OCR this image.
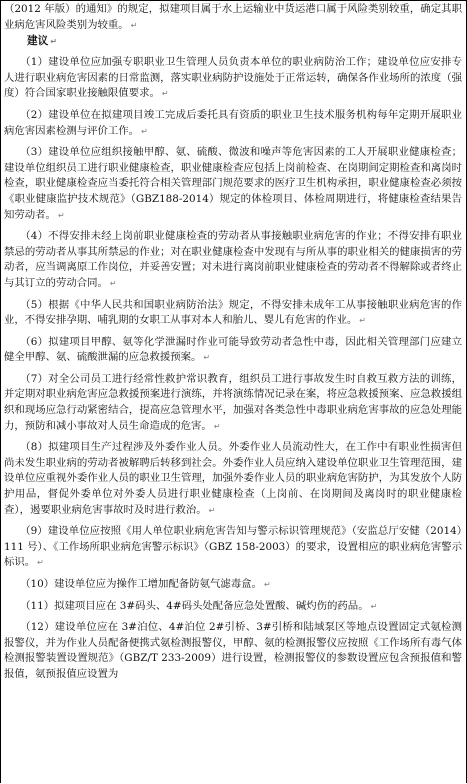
（2012 年版）的通知》的规定，拟建项目属于水上运输业中货运港口属于风险类别较重，确定其职业病危害风险类别为较重。 ↵

建议 ↵

（1）建设单位应加强专职职业卫生管理人员负责本单位的职业病防治工作；建设单位应安排专人进行职业病危害因素的日常监测，落实职业病防护设施处于正常运转，确保各作业场所的浓度（强度）符合国家职业接触限值要求。 ↵

（2）建设单位在拟建项目竣工完成后委托具有资质的职业卫生技术服务机构每年定期开展职业病危害因素检测与评价工作。 ↵

（3）建设单位应组织接触甲醇、氨、硫酸、微波和噪声等危害因素的工人开展职业健康检查；建设单位组织员工进行职业健康检查，职业健康检查应包括上岗前检查、在岗期间定期检查和离岗时检查，职业健康检查应当委托符合相关管理部门规范要求的医疗卫生机构承担，职业健康检查必须按《职业健康监护技术规范》（GBZ188-2014）规定的体检项目、体检周期进行，将健康检查结果告知劳动者。 ↵

（4）不得安排未经上岗前职业健康检查的劳动者从事接触职业病危害的作业；不得安排有职业禁忌的劳动者从事其所禁忌的作业；对在职业健康检查中发现有与所从事的职业相关的健康损害的劳动者，应当调离原工作岗位，并妥善安置；对未进行离岗前职业健康检查的劳动者不得解除或者终止与其订立的劳动合同。 ↵

（5）根据《中华人民共和国职业病防治法》规定，不得安排未成年工从事接触职业病危害的作业，不得安排孕期、哺乳期的女职工从事对本人和胎儿、婴儿有危害的作业。 ↵

（6）拟建项目甲醇、氨等化学泄漏时作业可能导致劳动者急性中毒，因此相关管理部门应建立健全甲醇、氨、硫酸泄漏的应急救援预案。 ↵

（7）对全公司员工进行经常性救护常识教育，组织员工进行事故发生时自救互救方法的训练，并定期对职业病危害应急救援预案进行演练，并将演练情况记录在案，将应急救援预案、应急救援组织和现场应急行动紧密结合，提高应急管理水平，加强对各类急性中毒职业病危害事故的应急处理能力，预防和减小事故对人员生命造成的危害。 ↵

（8）拟建项目生产过程涉及外委作业人员。外委作业人员流动性大，在工作中有职业性损害但尚未发生职业病的劳动者被解聘后转移到社会。外委作业人员应纳入建设单位职业卫生管理范围，建设单位应重视外委作业人员的职业卫生管理，加强外委作业人员的职业病危害防护，为其发放个人防护用品，督促外委单位对外委人员进行职业健康检查（上岗前、在岗期间及离岗时的职业健康检查），遏要职业病危害事故时及时进行救治。 ↵

（9）建设单位应按照《用人单位职业病危害告知与警示标识管理规范》（安监总厅安健（2014）111 号）、《工作场所职业病危害警示标识》（GBZ 158-2003）的要求，设置相应的职业病危害警示标识。 ↵

（10）建设单位应为操作工增加配备防氨气滤毒盒。 ↵

（11）拟建项目应在 3#码头、4#码头处配备应急处置酸、碱灼伤的药品。 ↵

（12）建设单位应在 3#泊位、4#泊位 2#引桥、3#引桥和陆域泵区等地点设置固定式氨检测报警仪，并为作业人员配备便携式氨检测报警仪，甲醇、氨的检测报警仪应按照《工作场所有毒气体检测报警装置设置规范》（GBZ/T 233-2009）进行设置，检测报警仪的参数设置应包含预报值和警报值，氨预报值应设置为
